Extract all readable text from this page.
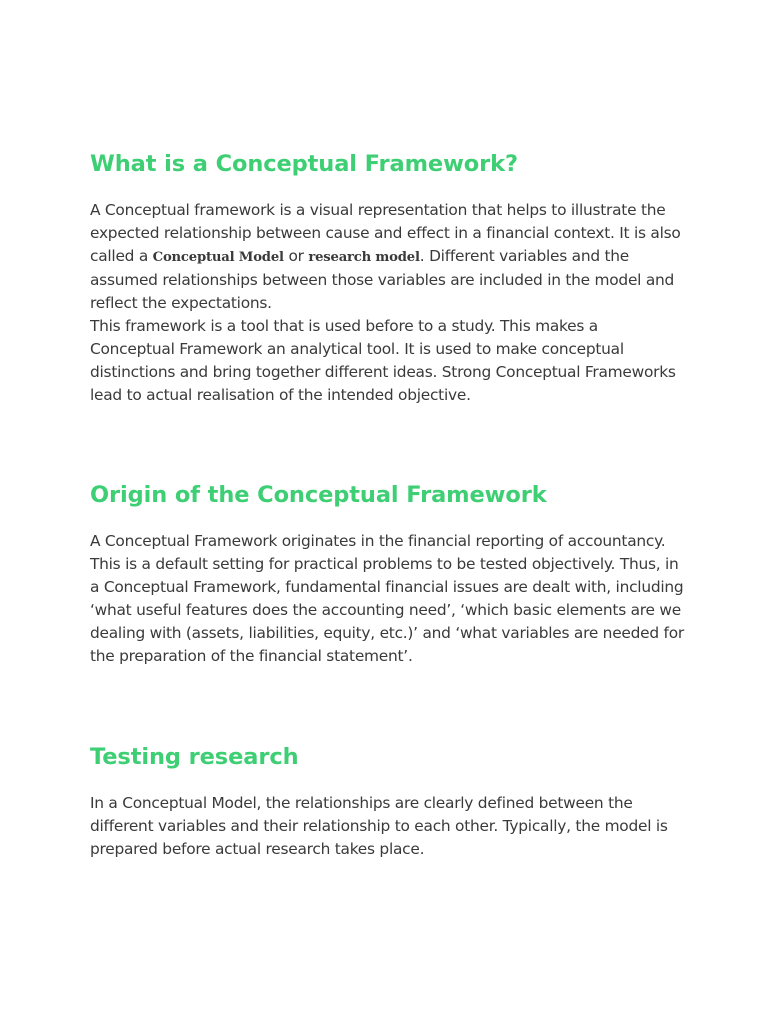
What is a Conceptual Framework?

A Conceptual framework is a visual representation that helps to illustrate the expected relationship between cause and effect in a financial context. It is also called a Conceptual Model or research model. Different variables and the assumed relationships between those variables are included in the model and reflect the expectations.

This framework is a tool that is used before to a study. This makes a Conceptual Framework an analytical tool. It is used to make conceptual distinctions and bring together different ideas. Strong Conceptual Frameworks lead to actual realisation of the intended objective.

Origin of the Conceptual Framework

A Conceptual Framework originates in the financial reporting of accountancy. This is a default setting for practical problems to be tested objectively. Thus, in a Conceptual Framework, fundamental financial issues are dealt with, including ‘what useful features does the accounting need’, ‘which basic elements are we dealing with (assets, liabilities, equity, etc.)’ and ‘what variables are needed for the preparation of the financial statement’.

Testing research

In a Conceptual Model, the relationships are clearly defined between the different variables and their relationship to each other. Typically, the model is prepared before actual research takes place.
